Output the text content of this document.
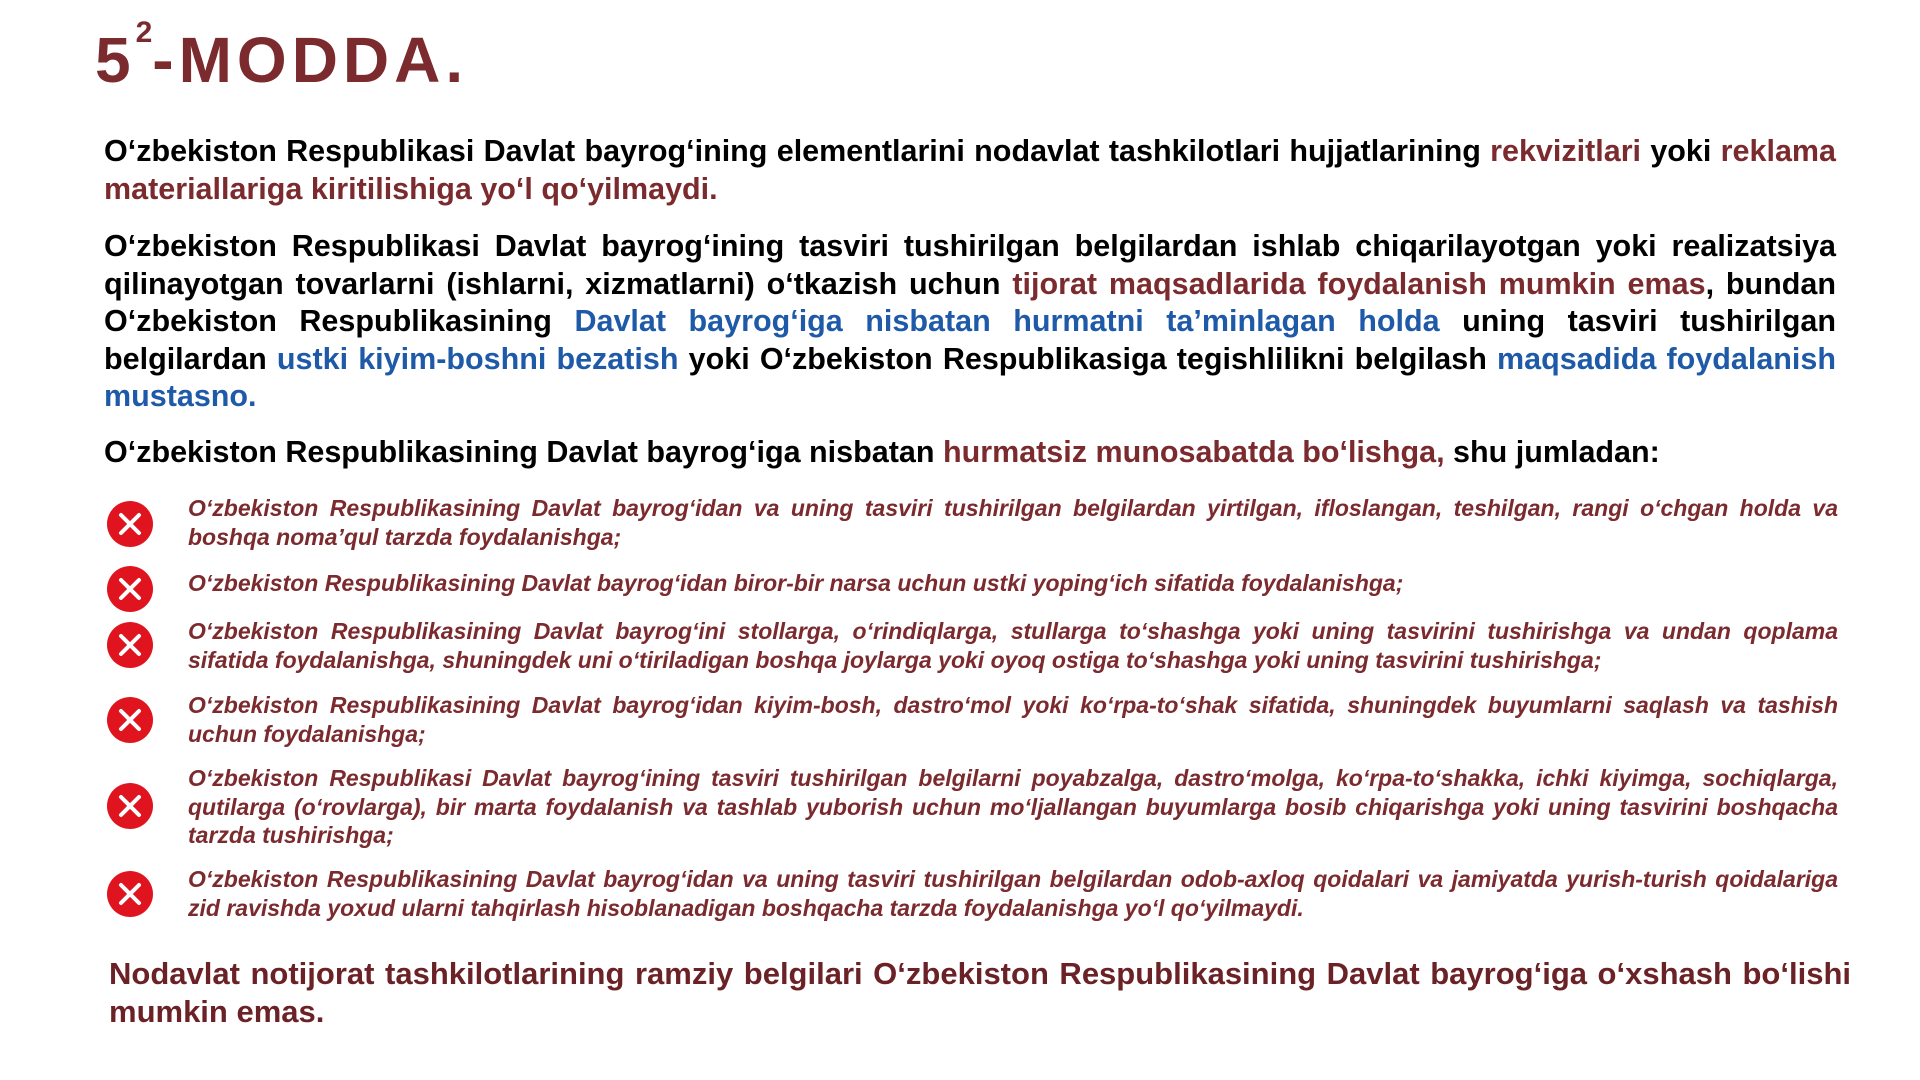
$5^2$-MODDA.
O‘zbekiston Respublikasi Davlat bayrog‘ining elementlarini nodavlat tashkilotlari hujjatlarining rekvizitlari yoki reklama materiallariga kiritilishiga yo‘l qo‘yilmaydi.
O‘zbekiston Respublikasi Davlat bayrog‘ining tasviri tushirilgan belgilardan ishlab chiqarilayotgan yoki realizatsiya qilinayotgan tovarlarni (ishlarni, xizmatlarni) o‘tkazish uchun tijorat maqsadlarida foydalanish mumkin emas, bundan O‘zbekiston Respublikasining Davlat bayrog‘iga nisbatan hurmatni ta’minlagan holda uning tasviri tushirilgan belgilardan ustki kiyim-boshni bezatish yoki O‘zbekiston Respublikasiga tegishlilikni belgilash maqsadida foydalanish mustasno.
O‘zbekiston Respublikasining Davlat bayrog‘iga nisbatan hurmatsiz munosabatda bo‘lishga, shu jumladan:
O‘zbekiston Respublikasining Davlat bayrog‘idan va uning tasviri tushirilgan belgilardan yirtilgan, ifloslangan, teshilgan, rangi o‘chgan holda va boshqa noma’qul tarzda foydalanishga;
O‘zbekiston Respublikasining Davlat bayrog‘idan biror-bir narsa uchun ustki yoping‘ich sifatida foydalanishga;
O‘zbekiston Respublikasining Davlat bayrog‘ini stollarga, o‘rindiqlarga, stullarga to‘shashga yoki uning tasvirini tushirishga va undan qoplama sifatida foydalanishga, shuningdek uni o‘tiriladigan boshqa joylarga yoki oyoq ostiga to‘shashga yoki uning tasvirini tushirishga;
O‘zbekiston Respublikasining Davlat bayrog‘idan kiyim-bosh, dastro‘mol yoki ko‘rpa-to‘shak sifatida, shuningdek buyumlarni saqlash va tashish uchun foydalanishga;
O‘zbekiston Respublikasi Davlat bayrog‘ining tasviri tushirilgan belgilarni poyabzalga, dastro‘molga, ko‘rpa-to‘shakka, ichki kiyimga, sochiqlarga, qutilarga (o‘rovlarga), bir marta foydalanish va tashlab yuborish uchun mo‘ljallangan buyumlarga bosib chiqarishga yoki uning tasvirini boshqacha tarzda tushirishga;
O‘zbekiston Respublikasining Davlat bayrog‘idan va uning tasviri tushirilgan belgilardan odob-axloq qoidalari va jamiyatda yurish-turish qoidalariga zid ravishda yoxud ularni tahqirlash hisoblanadigan boshqacha tarzda foydalanishga yo‘l qo‘yilmaydi.
Nodavlat notijorat tashkilotlarining ramziy belgilari O‘zbekiston Respublikasining Davlat bayrog‘iga o‘xshash bo‘lishi mumkin emas.
